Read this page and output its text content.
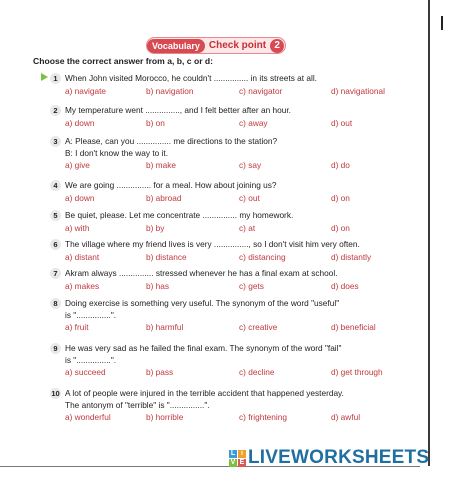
Vocabulary Check point 2
Choose the correct answer from a, b, c or d:
1 When John visited Morocco, he couldn't ............... in its streets at all.
a) navigate	b) navigation	c) navigator	d) navigational
2 My temperature went ..............., and I felt better after an hour.
a) down	b) on	c) away	d) out
3 A: Please, can you ............... me directions to the station?
B: I don't know the way to it.
a) give	b) make	c) say	d) do
4 We are going ............... for a meal. How about joining us?
a) down	b) abroad	c) out	d) on
5 Be quiet, please. Let me concentrate ............... my homework.
a) with	b) by	c) at	d) on
6 The village where my friend lives is very ..............., so I don't visit him very often.
a) distant	b) distance	c) distancing	d) distantly
7 Akram always ............... stressed whenever he has a final exam at school.
a) makes	b) has	c) gets	d) does
8 Doing exercise is something very useful. The synonym of the word "useful"
is "...............".
a) fruit	b) harmful	c) creative	d) beneficial
9 He was very sad as he failed the final exam. The synonym of the word "fail"
is "...............".
a) succeed	b) pass	c) decline	d) get through
10 A lot of people were injured in the terrible accident that happened yesterday.
The antonym of "terrible" is "...............".
a) wonderful	b) horrible	c) frightening	d) awful
L i
V E LIVEWORKSHEETS
